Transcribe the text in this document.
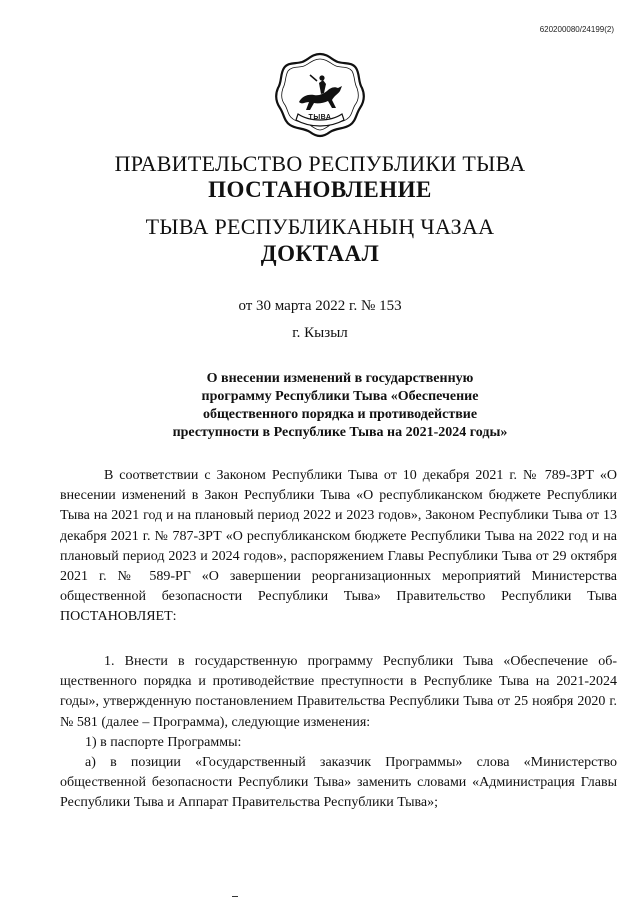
620200080/24199(2)
ТЫВА
ПРАВИТЕЛЬСТВО РЕСПУБЛИКИ ТЫВА
ПОСТАНОВЛЕНИЕ
ТЫВА РЕСПУБЛИКАНЫҢ ЧАЗАА
ДОКТААЛ
от 30 марта 2022 г. № 153
г. Кызыл
О внесении изменений в государственную
программу Республики Тыва «Обеспечение
общественного порядка и противодействие
преступности в Республике Тыва на 2021-2024 годы»
В соответствии с Законом Республики Тыва от 10 декабря 2021 г. № 789-ЗРТ «О внесении изменений в Закон Республики Тыва «О республиканском бюджете Республики Тыва на 2021 год и на плановый период 2022 и 2023 годов», Законом Республики Тыва от 13 декабря 2021 г. № 787-ЗРТ «О республиканском бюджете Республики Тыва на 2022 год и на плановый период 2023 и 2024 годов», распоряжением Главы Республики Тыва от 29 октября 2021 г. № 589-РГ «О завершении реорганизационных мероприятий Министерства общественной безопасности Республики Тыва» Правительство Республики Тыва ПОСТАНОВЛЯЕТ:
1. Внести в государственную программу Республики Тыва «Обеспечение общественного порядка и противодействие преступности в Республике Тыва на 2021-2024 годы», утвержденную постановлением Правительства Республики Тыва от 25 ноября 2020 г. № 581 (далее – Программа), следующие изменения:
1) в паспорте Программы:
а) в позиции «Государственный заказчик Программы» слова «Министерство общественной безопасности Республики Тыва» заменить словами «Администрация Главы Республики Тыва и Аппарат Правительства Республики Тыва»;
